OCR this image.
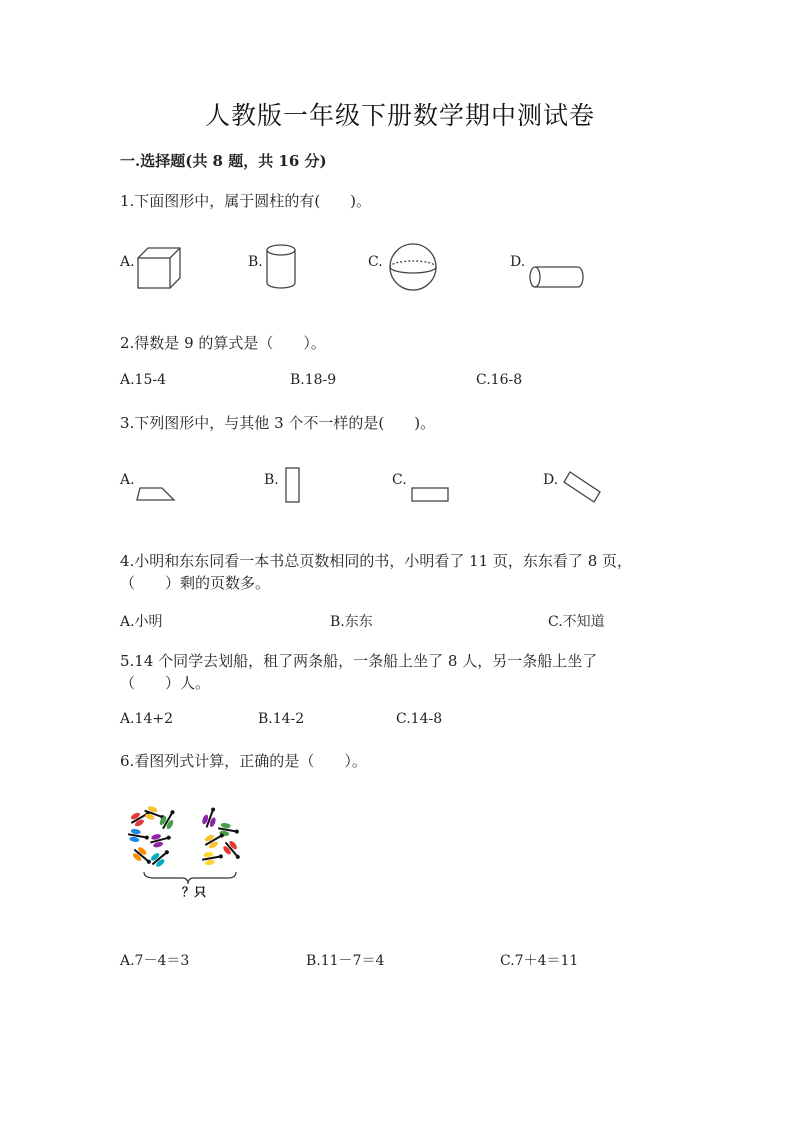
人教版一年级下册数学期中测试卷
一.选择题(共 8 题，共 16 分)
1.下面图形中，属于圆柱的有(　　)。
A.	B.	C.	D.
2.得数是 9 的算式是（　　）。
A.15-4	B.18-9	C.16-8
3.下列图形中，与其他 3 个不一样的是(　　)。
A.	B.	C.	D.
4.小明和东东同看一本书总页数相同的书，小明看了 11 页，东东看了 8 页，
（　　）剩的页数多。
A.小明	B.东东	C.不知道
5.14 个同学去划船，租了两条船，一条船上坐了 8 人，另一条船上坐了
（　　）人。
A.14+2	B.14-2	C.14-8
6.看图列式计算，正确的是（　　）。
？只
A.7－4＝3	B.11－7＝4	C.7＋4＝11
